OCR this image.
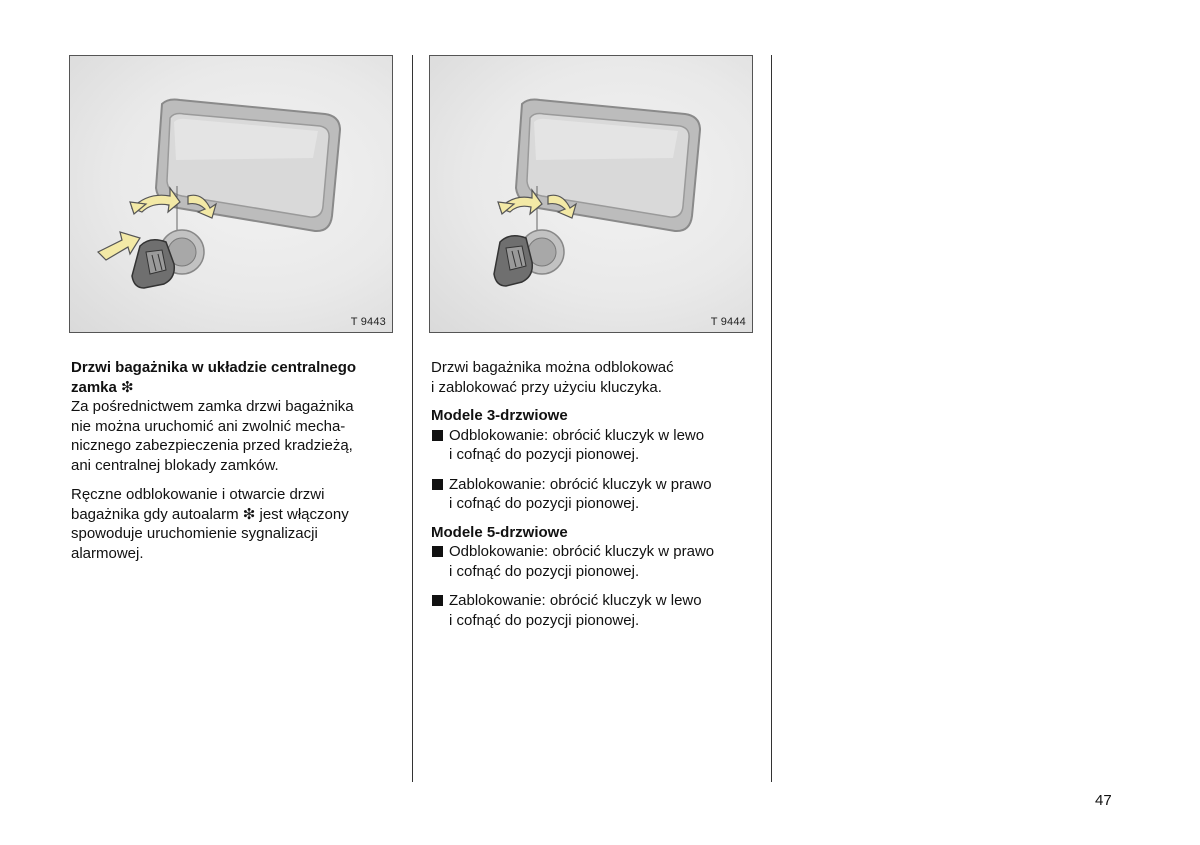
T 9443	T 9444

Drzwi bagażnika w układzie centralnego

zamka ❇

Za pośrednictwem zamka drzwi bagażnika

nie można uruchomić ani zwolnić mecha-

nicznego zabezpieczenia przed kradzieżą,

ani centralnej blokady zamków.

Ręczne odblokowanie i otwarcie drzwi

bagażnika gdy autoalarm ❇ jest włączony

spowoduje uruchomienie sygnalizacji

alarmowej.

Drzwi bagażnika można odblokować

i zablokować przy użyciu kluczyka.

Modele 3-drzwiowe

Odblokowanie: obrócić kluczyk w lewo

i cofnąć do pozycji pionowej.

Zablokowanie: obrócić kluczyk w prawo

i cofnąć do pozycji pionowej.

Modele 5-drzwiowe

Odblokowanie: obrócić kluczyk w prawo

i cofnąć do pozycji pionowej.

Zablokowanie: obrócić kluczyk w lewo

i cofnąć do pozycji pionowej.

47
